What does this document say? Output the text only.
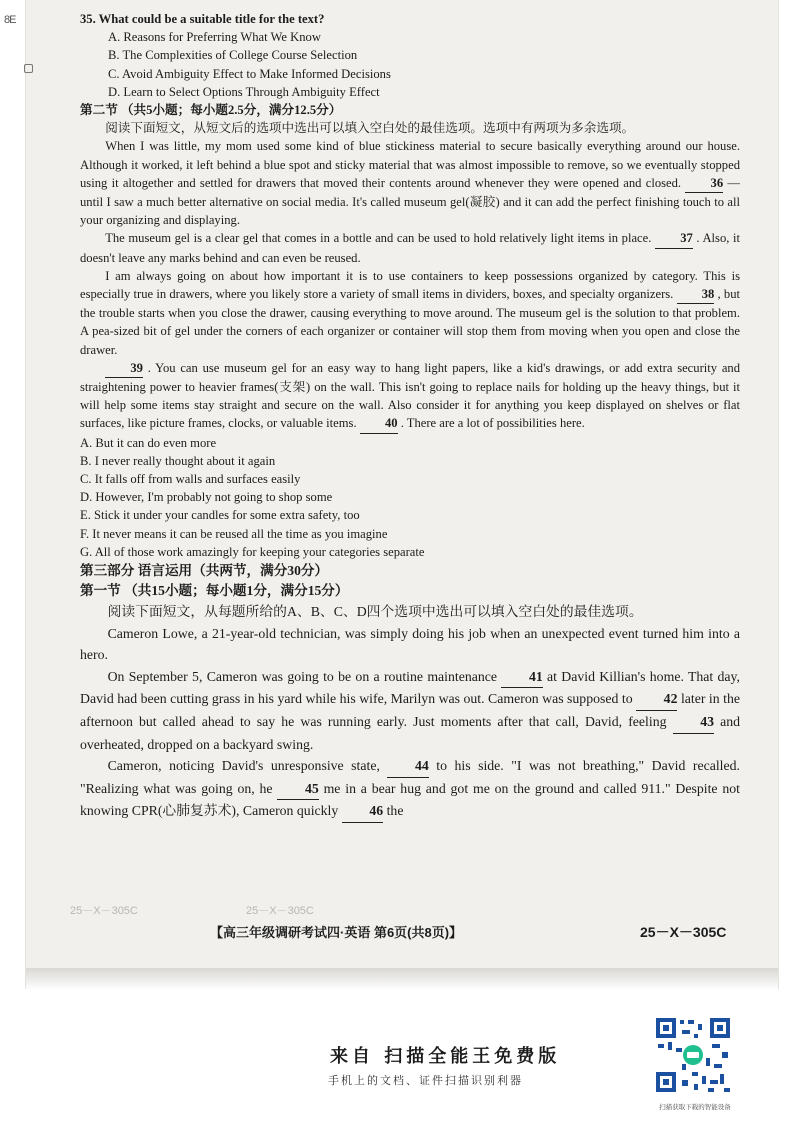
8E	35. What could be a suitable title for the text?

A. Reasons for Preferring What We Know

B. The Complexities of College Course Selection

C. Avoid Ambiguity Effect to Make Informed Decisions

D. Learn to Select Options Through Ambiguity Effect

第二节 （共5小题；每小题2.5分，满分12.5分）

阅读下面短文，从短文后的选项中选出可以填入空白处的最佳选项。选项中有两项为多余选项。

When I was little, my mom used some kind of blue stickiness material to secure basically everything around our house. Although it worked, it left behind a blue spot and sticky material that was almost impossible to remove, so we eventually stopped using it altogether and settled for drawers that moved their contents around whenever they were opened and closed. 36 —until I saw a much better alternative on social media. It's called museum gel(凝胶) and it can add the perfect finishing touch to all your organizing and displaying.

The museum gel is a clear gel that comes in a bottle and can be used to hold relatively light items in place. 37 . Also, it doesn't leave any marks behind and can even be reused.

I am always going on about how important it is to use containers to keep possessions organized by category. This is especially true in drawers, where you likely store a variety of small items in dividers, boxes, and specialty organizers. 38 , but the trouble starts when you close the drawer, causing everything to move around. The museum gel is the solution to that problem. A pea-sized bit of gel under the corners of each organizer or container will stop them from moving when you open and close the drawer.

39 . You can use museum gel for an easy way to hang light papers, like a kid's drawings, or add extra security and straightening power to heavier frames(支架) on the wall. This isn't going to replace nails for holding up the heavy things, but it will help some items stay straight and secure on the wall. Also consider it for anything you keep displayed on shelves or flat surfaces, like picture frames, clocks, or valuable items. 40 . There are a lot of possibilities here.

A. But it can do even more

B. I never really thought about it again

C. It falls off from walls and surfaces easily

D. However, I'm probably not going to shop some

E. Stick it under your candles for some extra safety, too

F. It never means it can be reused all the time as you imagine

G. All of those work amazingly for keeping your categories separate

第三部分 语言运用（共两节，满分30分）

第一节 （共15小题；每小题1分，满分15分）

阅读下面短文，从每题所给的A、B、C、D四个选项中选出可以填入空白处的最佳选项。

Cameron Lowe, a 21-year-old technician, was simply doing his job when an unexpected event turned him into a hero.

On September 5, Cameron was going to be on a routine maintenance 41 at David Killian's home. That day, David had been cutting grass in his yard while his wife, Marilyn was out. Cameron was supposed to 42 later in the afternoon but called ahead to say he was running early. Just moments after that call, David, feeling 43 and overheated, dropped on a backyard swing.

Cameron, noticing David's unresponsive state, 44 to his side. "I was not breathing," David recalled. "Realizing what was going on, he 45 me in a bear hug and got me on the ground and called 911." Despite not knowing CPR(心肺复苏术), Cameron quickly 46 the

25－X－305C	25－X－305C
【高三年级调研考试四·英语 第6页(共8页)】	25－X－305C
来自 扫描全能王免费版
手机上的文档、证件扫描识别利器
扫描获取下载的智能设备
